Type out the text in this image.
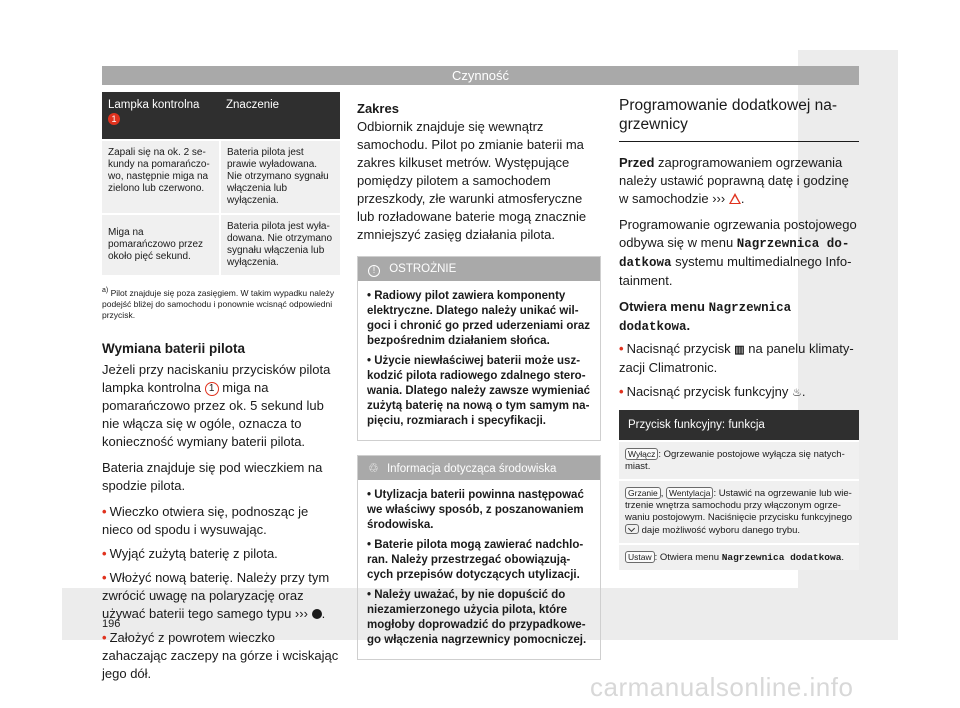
Czynność
Lampka kontrolna
1	Znaczenie
Zapali się na ok. 2 sekundy na pomarańczowo, następnie miga na zielono lub czerwono.	Bateria pilota jest prawie wyładowana. Nie otrzymano sygnału włączenia lub wyłączenia.
Miga na pomarańczowo przez około pięć sekund.	Bateria pilota jest wyładowana. Nie otrzymano sygnału włączenia lub wyłączenia.
$^{a)}$ Pilot znajduje się poza zasięgiem. W takim wypadku należy podejść bliżej do samochodu i ponownie wcisnąć odpowiedni przycisk.
Wymiana baterii pilota

Jeżeli przy naciskaniu przycisków pilota lampka kontrolna 1 miga na pomarańczowo przez ok. 5 sekund lub nie włącza się w ogóle, oznacza to konieczność wymiany baterii pilota.

Bateria znajduje się pod wieczkiem na spodzie pilota.

• Wieczko otwiera się, podnosząc je nieco od spodu i wysuwając.
• Wyjąć zużytą baterię z pilota.
• Włożyć nową baterię. Należy przy tym zwrócić uwagę na polaryzację oraz używać baterii tego samego typu ››› .
• Założyć z powrotem wieczko zahaczając zaczepy na górze i wciskając jego dół.
Zakres

Odbiornik znajduje się wewnątrz samochodu. Pilot po zmianie baterii ma zakres kilkuset metrów. Występujące pomiędzy pilotem a samochodem przeszkody, złe warunki atmosferyczne lub rozładowane baterie mogą znacznie zmniejszyć zasięg działania pilota.

! OSTROŻNIE
• Radiowy pilot zawiera komponenty elektryczne. Dlatego należy unikać wilgoci i chronić go przed uderzeniami oraz bezpośrednim działaniem słońca.
• Użycie niewłaściwej baterii może uszkodzić pilota radiowego zdalnego sterowania. Dlatego należy zawsze wymieniać zużytą baterię na nową o tym samym napięciu, rozmiarach i specyfikacji.
♲ Informacja dotycząca środowiska
• Utylizacja baterii powinna następować we właściwy sposób, z poszanowaniem środowiska.
• Baterie pilota mogą zawierać nadchloran. Należy przestrzegać obowiązujących przepisów dotyczących utylizacji.
• Należy uważać, by nie dopuścić do niezamierzonego użycia pilota, które mogłoby doprowadzić do przypadkowego włączenia nagrzewnicy pomocniczej.
Programowanie dodatkowej nagrzewnicy

Przed zaprogramowaniem ogrzewania należy ustawić poprawną datę i godzinę w samochodzie ››› .

Programowanie ogrzewania postojowego odbywa się w menu Nagrzewnica dodatkowa systemu multimedialnego Infotainment.

Otwiera menu Nagrzewnica dodatkowa.

• Nacisnąć przycisk ▥ na panelu klimatyzacji Climatronic.
• Nacisnąć przycisk funkcyjny ♨.
Przycisk funkcyjny: funkcja
Wyłącz : Ogrzewanie postojowe wyłącza się natychmiast.
Grzanie , Wentylacja : Ustawić na ogrzewanie lub wietrzenie wnętrza samochodu przy włączonym ogrzewaniu postojowym. Naciśnięcie przycisku funkcyjnego  daje możliwość wyboru danego trybu.
Ustaw : Otwiera menu Nagrzewnica dodatkowa.
196
carmanualsonline.info
